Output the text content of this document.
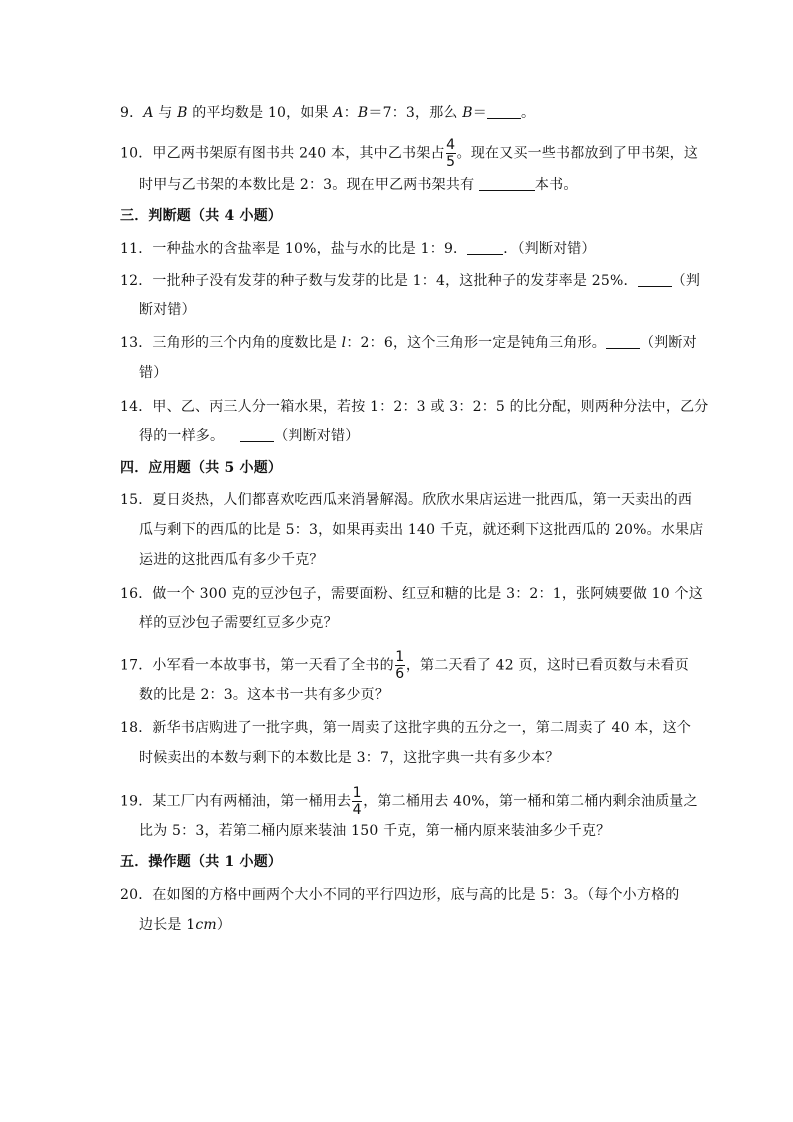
9．A 与 B 的平均数是 10，如果 A：B＝7：3，那么 B＝ 。
10．甲乙两书架原有图书共 240 本，其中乙书架占 $\frac{4}{5}$ 。现在又买一些书都放到了甲书架，这
时甲与乙书架的本数比是 2：3。现在甲乙两书架共有	本书。
三．判断题（共 4 小题）
11．一种盐水的含盐率是 10%，盐与水的比是 1：9．	．（判断对错）
12．一批种子没有发芽的种子数与发芽的比是 1：4，这批种子的发芽率是 25%． （判
断对错）
13．三角形的三个内角的度数比是 l：2：6，这个三角形一定是钝角三角形。 （判断对
错）
14．甲、乙、丙三人分一箱水果，若按 1：2：3 或 3：2：5 的比分配，则两种分法中，乙分
得的一样多。	（判断对错）
四．应用题（共 5 小题）
15．夏日炎热，人们都喜欢吃西瓜来消暑解渴。欣欣水果店运进一批西瓜，第一天卖出的西
瓜与剩下的西瓜的比是 5：3，如果再卖出 140 千克，就还剩下这批西瓜的 20%。水果店
运进的这批西瓜有多少千克？
16．做一个 300 克的豆沙包子，需要面粉、红豆和糖的比是 3：2：1，张阿姨要做 10 个这
样的豆沙包子需要红豆多少克？
17．小军看一本故事书，第一天看了全书的 $\frac{1}{6}$ ，第二天看了 42 页，这时已看页数与未看页
数的比是 2：3。这本书一共有多少页？
18．新华书店购进了一批字典，第一周卖了这批字典的五分之一，第二周卖了 40 本，这个
时候卖出的本数与剩下的本数比是 3：7，这批字典一共有多少本？
19．某工厂内有两桶油，第一桶用去 $\frac{1}{4}$ ，第二桶用去 40%，第一桶和第二桶内剩余油质量之
比为 5：3，若第二桶内原来装油 150 千克，第一桶内原来装油多少千克？
五．操作题（共 1 小题）
20．在如图的方格中画两个大小不同的平行四边形，底与高的比是 5：3。（每个小方格的
边长是 1cm）
